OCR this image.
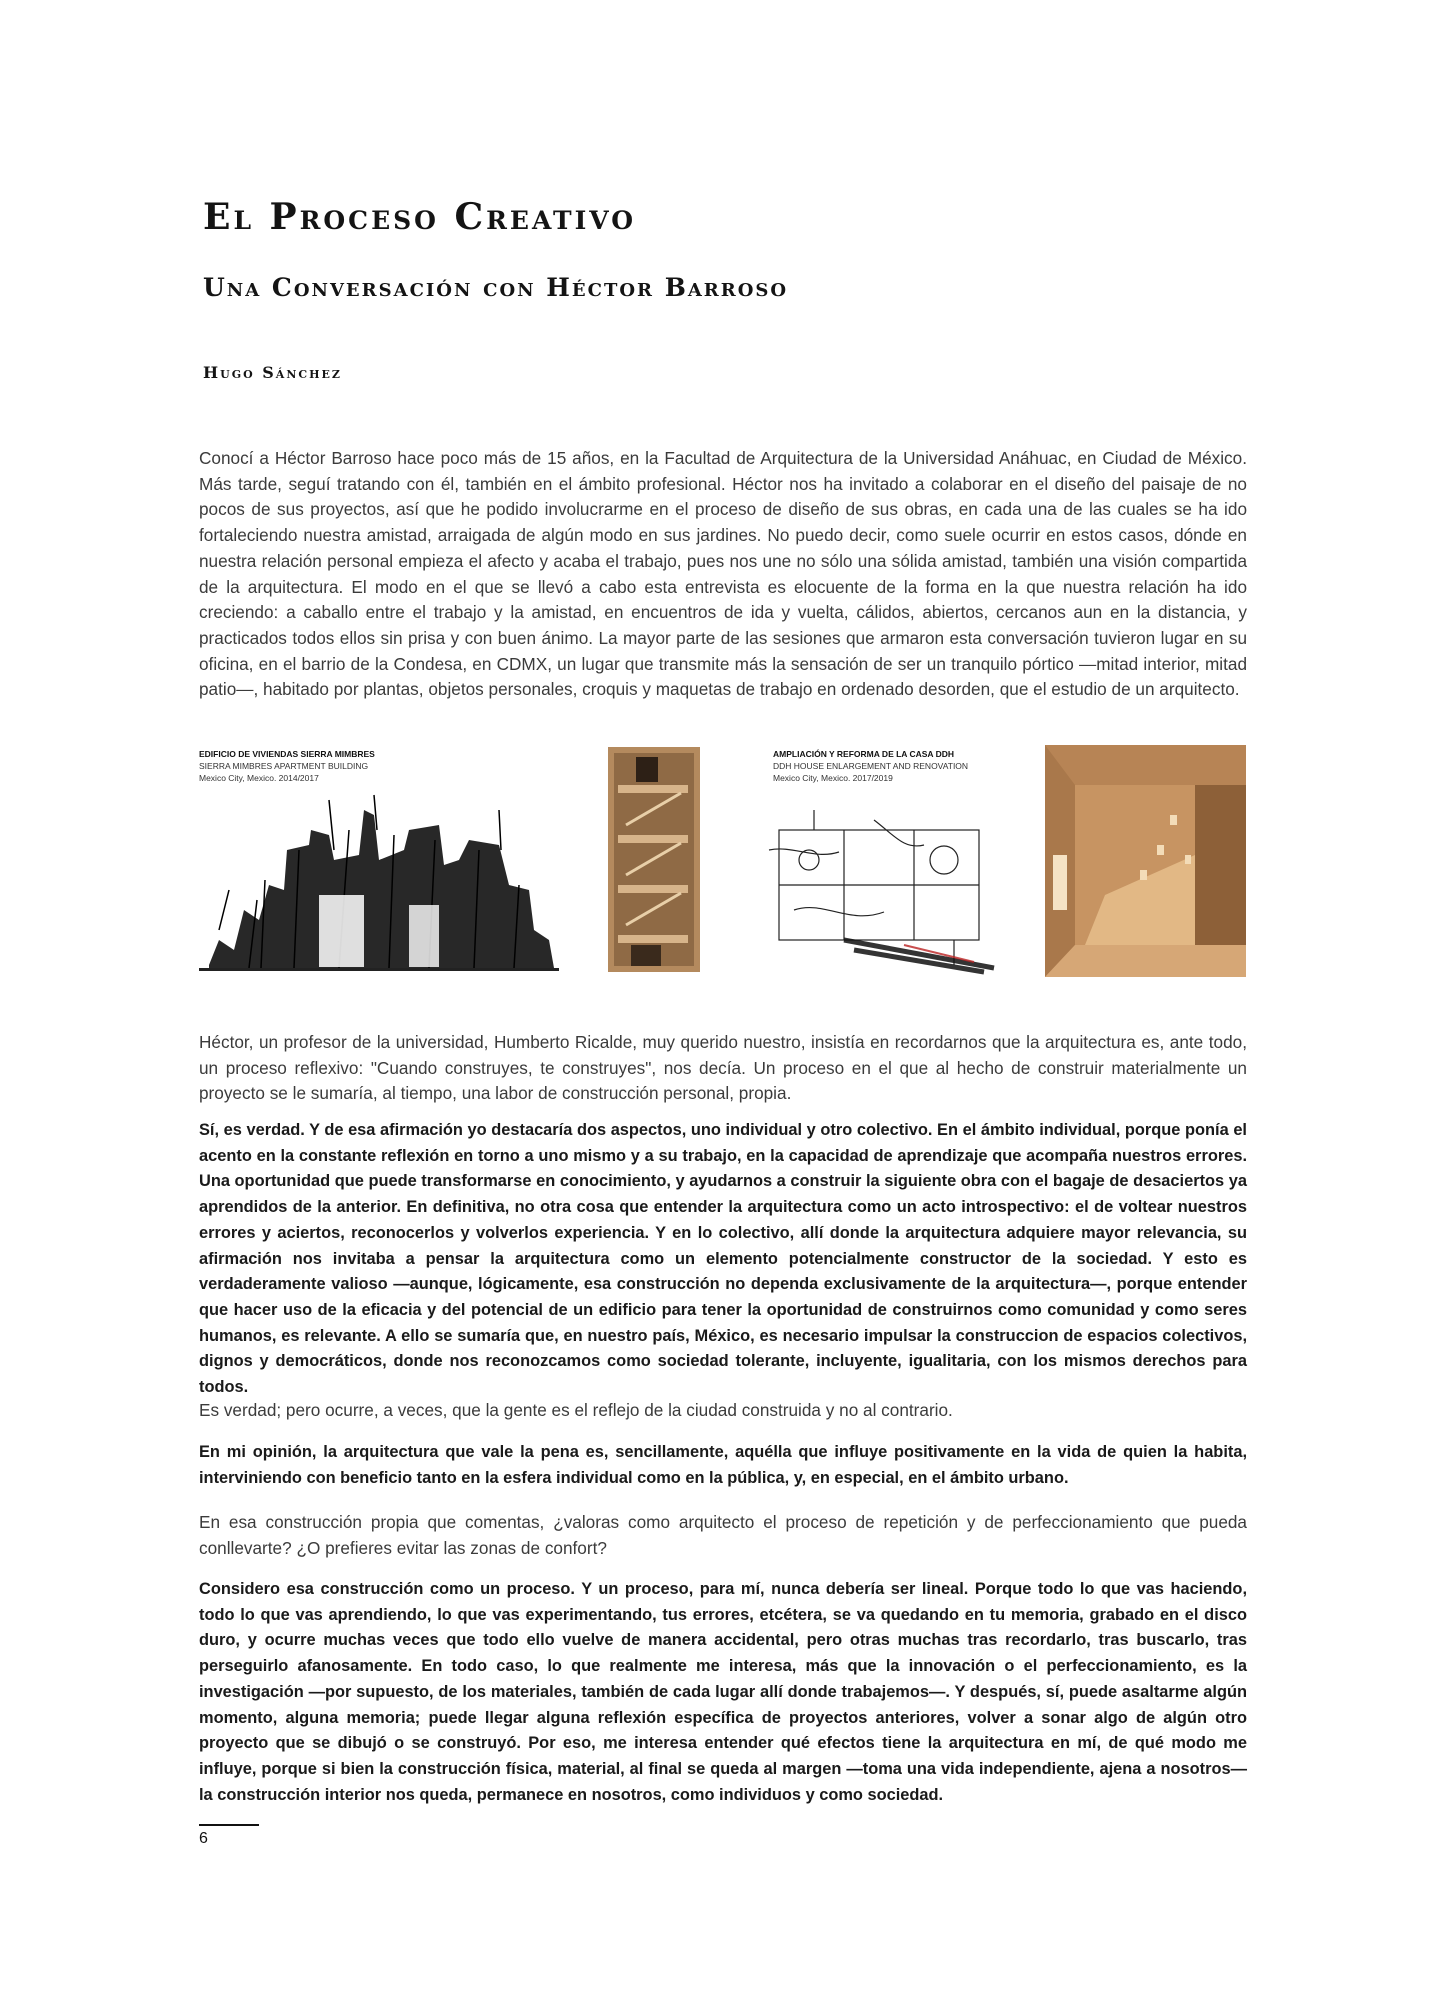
El Proceso Creativo
Una Conversación con Héctor Barroso

Hugo Sánchez

Conocí a Héctor Barroso hace poco más de 15 años, en la Facultad de Arquitectura de la Universidad Anáhuac, en Ciudad de México. Más tarde, seguí tratando con él, también en el ámbito profesional. Héctor nos ha invitado a colaborar en el diseño del paisaje de no pocos de sus proyectos, así que he podido involucrarme en el proceso de diseño de sus obras, en cada una de las cuales se ha ido fortaleciendo nuestra amistad, arraigada de algún modo en sus jardines. No puedo decir, como suele ocurrir en estos casos, dónde en nuestra relación personal empieza el afecto y acaba el trabajo, pues nos une no sólo una sólida amistad, también una visión compartida de la arquitectura. El modo en el que se llevó a cabo esta entrevista es elocuente de la forma en la que nuestra relación ha ido creciendo: a caballo entre el trabajo y la amistad, en encuentros de ida y vuelta, cálidos, abiertos, cercanos aun en la distancia, y practicados todos ellos sin prisa y con buen ánimo. La mayor parte de las sesiones que armaron esta conversación tuvieron lugar en su oficina, en el barrio de la Condesa, en CDMX, un lugar que transmite más la sensación de ser un tranquilo pórtico —mitad interior, mitad patio—, habitado por plantas, objetos personales, croquis y maquetas de trabajo en ordenado desorden, que el estudio de un arquitecto.

EDIFICIO DE VIVIENDAS SIERRA MIMBRES
SIERRA MIMBRES APARTMENT BUILDING
Mexico City, Mexico. 2014/2017
AMPLIACIÓN Y REFORMA DE LA CASA DDH
DDH HOUSE ENLARGEMENT AND RENOVATION
Mexico City, Mexico. 2017/2019

Héctor, un profesor de la universidad, Humberto Ricalde, muy querido nuestro, insistía en recordarnos que la arquitectura es, ante todo, un proceso reflexivo: "Cuando construyes, te construyes", nos decía. Un proceso en el que al hecho de construir materialmente un proyecto se le sumaría, al tiempo, una labor de construcción personal, propia.

Sí, es verdad. Y de esa afirmación yo destacaría dos aspectos, uno individual y otro colectivo. En el ámbito individual, porque ponía el acento en la constante reflexión en torno a uno mismo y a su trabajo, en la capacidad de aprendizaje que acompaña nuestros errores. Una oportunidad que puede transformarse en conocimiento, y ayudarnos a construir la siguiente obra con el bagaje de desaciertos ya aprendidos de la anterior. En definitiva, no otra cosa que entender la arquitectura como un acto introspectivo: el de voltear nuestros errores y aciertos, reconocerlos y volverlos experiencia. Y en lo colectivo, allí donde la arquitectura adquiere mayor relevancia, su afirmación nos invitaba a pensar la arquitectura como un elemento potencialmente constructor de la sociedad. Y esto es verdaderamente valioso —aunque, lógicamente, esa construcción no dependa exclusivamente de la arquitectura—, porque entender que hacer uso de la eficacia y del potencial de un edificio para tener la oportunidad de construirnos como comunidad y como seres humanos, es relevante. A ello se sumaría que, en nuestro país, México, es necesario impulsar la construccion de espacios colectivos, dignos y democráticos, donde nos reconozcamos como sociedad tolerante, incluyente, igualitaria, con los mismos derechos para todos.

Es verdad; pero ocurre, a veces, que la gente es el reflejo de la ciudad construida y no al contrario.

En mi opinión, la arquitectura que vale la pena es, sencillamente, aquélla que influye positivamente en la vida de quien la habita, interviniendo con beneficio tanto en la esfera individual como en la pública, y, en especial, en el ámbito urbano.

En esa construcción propia que comentas, ¿valoras como arquitecto el proceso de repetición y de perfeccionamiento que pueda conllevarte? ¿O prefieres evitar las zonas de confort?

Considero esa construcción como un proceso. Y un proceso, para mí, nunca debería ser lineal. Porque todo lo que vas haciendo, todo lo que vas aprendiendo, lo que vas experimentando, tus errores, etcétera, se va quedando en tu memoria, grabado en el disco duro, y ocurre muchas veces que todo ello vuelve de manera accidental, pero otras muchas tras recordarlo, tras buscarlo, tras perseguirlo afanosamente. En todo caso, lo que realmente me interesa, más que la innovación o el perfeccionamiento, es la investigación —por supuesto, de los materiales, también de cada lugar allí donde trabajemos—. Y después, sí, puede asaltarme algún momento, alguna memoria; puede llegar alguna reflexión específica de proyectos anteriores, volver a sonar algo de algún otro proyecto que se dibujó o se construyó. Por eso, me interesa entender qué efectos tiene la arquitectura en mí, de qué modo me influye, porque si bien la construcción física, material, al final se queda al margen —toma una vida independiente, ajena a nosotros— la construcción interior nos queda, permanece en nosotros, como individuos y como sociedad.

6
